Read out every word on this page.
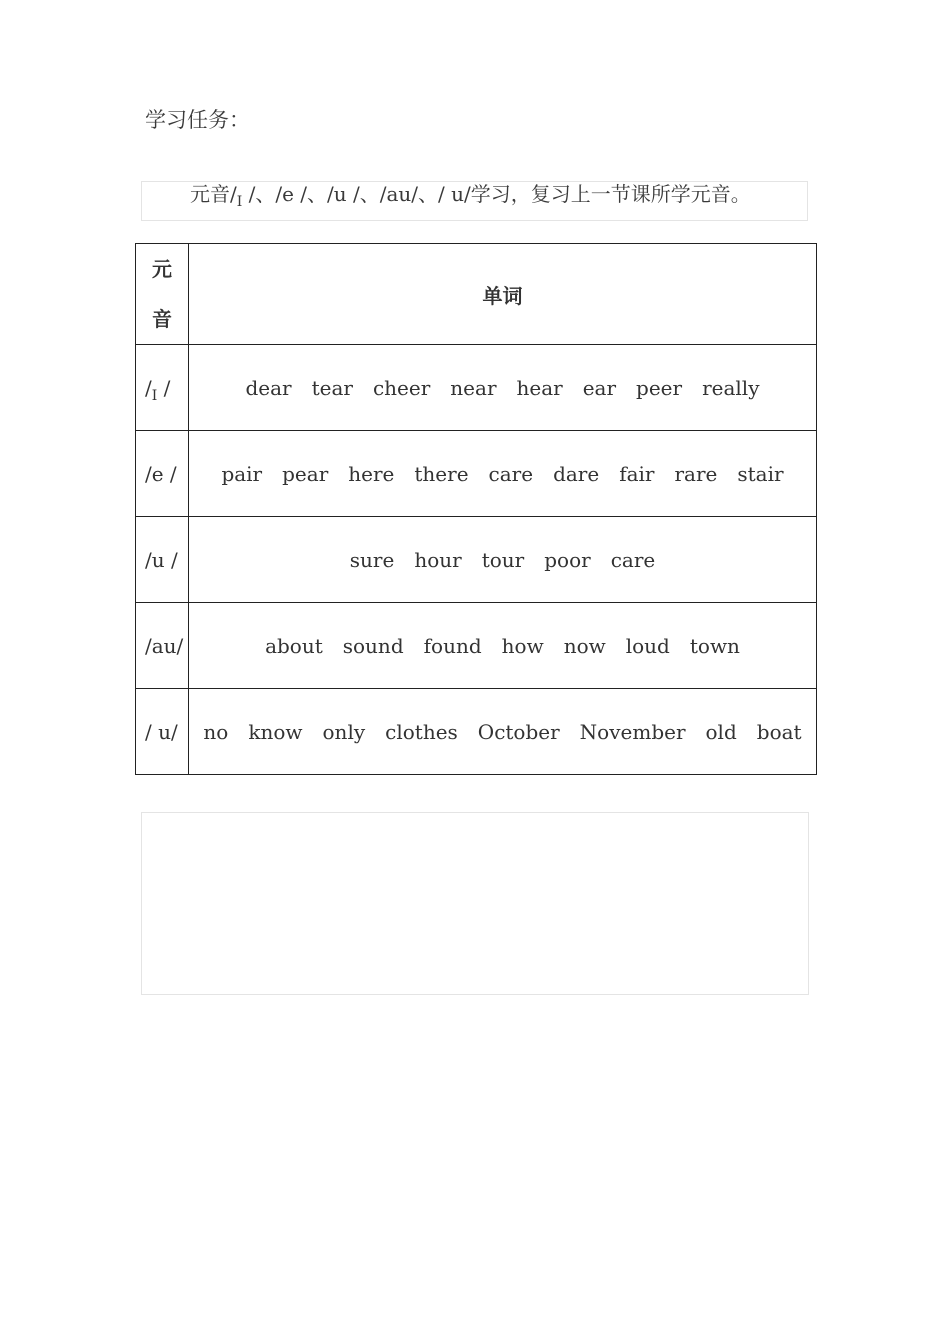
学习任务：
元音$/_I$ /、/e /、/u /、/au/、/ u/学习，复习上一节课所学元音。
元
音	单词
$/_I$ /	dear tear cheer near hear ear peer really
/e /	pair pear here there care dare fair rare stair
/u /	sure hour tour poor care
/au/	about sound found how now loud town
/ u/	no know only clothes October November old boat
